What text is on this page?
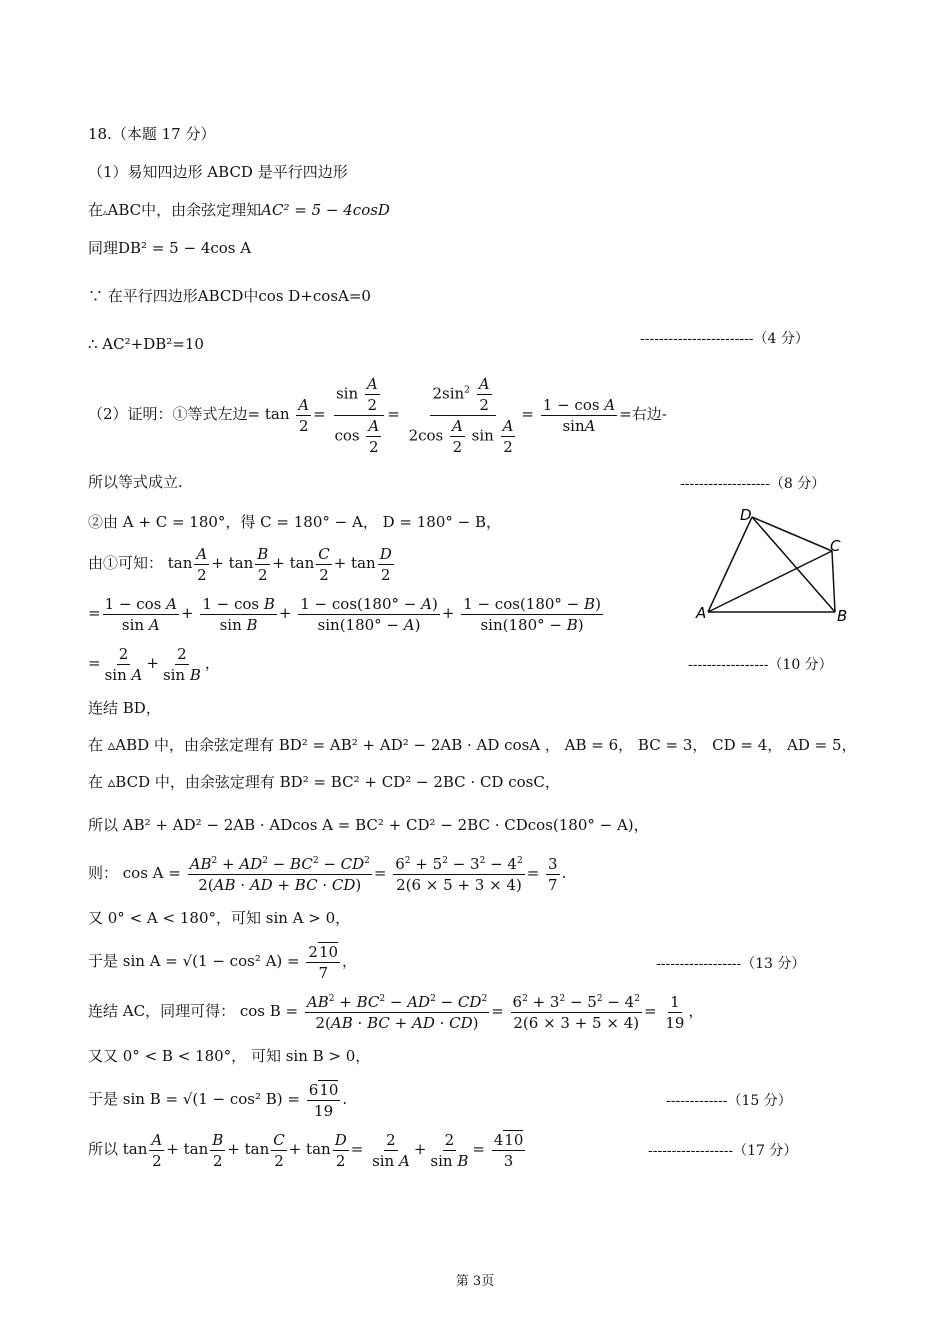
18.（本题 17 分）
（1）易知四边形 ABCD 是平行四边形
在▵ABC中，由余弦定理知AC² = 5 − 4cosD
同理DB² = 5 − 4cos A
∵ 在平行四边形ABCD中cos D+cosA=0
∴ AC²+DB²=10	------------------------（4 分）
（2）证明：①等式左边= $\tan \frac{A}{2} = \frac{\sin \frac{A}{2}}{\cos \frac{A}{2}} = \frac{2\sin^2 \frac{A}{2}}{2\cos \frac{A}{2} \sin \frac{A}{2}} = \frac{\text{1 − cos A}}{\sin A}$ =右边-
所以等式成立.	-------------------（8 分）
②由 A + C = 180°，得 C = 180° − A， D = 180° − B，
由①可知： $\tan \frac{A}{2} + \tan \frac{B}{2} + \tan \frac{C}{2} + \tan \frac{D}{2}$
= $\frac{\text{1 − cos A}}{\text{sin A}} + \frac{\text{1 − cos B}}{\text{sin B}} + \frac{1 - \cos(180^\circ - A)}{\sin(180^\circ - A)} + \frac{1 - \cos(180^\circ - B)}{\sin(180^\circ - B)}$
= $\frac{2}{\text{sin A}} + \frac{2}{\text{sin B}}$ ，	-----------------（10 分）
连结 BD，
在 ▵ABD 中，由余弦定理有 BD² = AB² + AD² − 2AB · AD cosA ， AB = 6， BC = 3， CD = 4， AD = 5，
在 ▵BCD 中，由余弦定理有 BD² = BC² + CD² − 2BC · CD cosC，
所以 AB² + AD² − 2AB · ADcos A = BC² + CD² − 2BC · CDcos(180° − A)，
则： $\cos A = \frac{AB^2 + AD^2 - BC^2 - CD^2}{2(AB \cdot AD + BC \cdot CD)} = \frac{6^2 + 5^2 - 3^2 - 4^2}{2(6 \times 5 + 3 \times 4)} = \frac{3}{7}$ .
又 0° < A < 180°，可知 sin A > 0，
于是 sin A = √(1 − cos² $A) = \frac{210}{7}$ ，	------------------（13 分）
连结 AC，同理可得： $\cos B = \frac{AB^2 + BC^2 - AD^2 - CD^2}{2(AB \cdot BC + AD \cdot CD)} = \frac{6^2 + 3^2 - 5^2 - 4^2}{2(6 \times 3 + 5 \times 4)} = \frac{1}{19}$ ，
又又 0° < B < 180°， 可知 sin B > 0，
于是 sin B = √(1 − cos² $B) = \frac{610}{19}$ .	-------------（15 分）
所以 $\tan \frac{A}{2} + \tan \frac{B}{2} + \tan \frac{C}{2} + \tan \frac{D}{2} = \frac{2}{\text{sin A}} + \frac{2}{\text{sin B}} = \frac{410}{3}$	------------------（17 分）
A	B
C
D
第 3页
